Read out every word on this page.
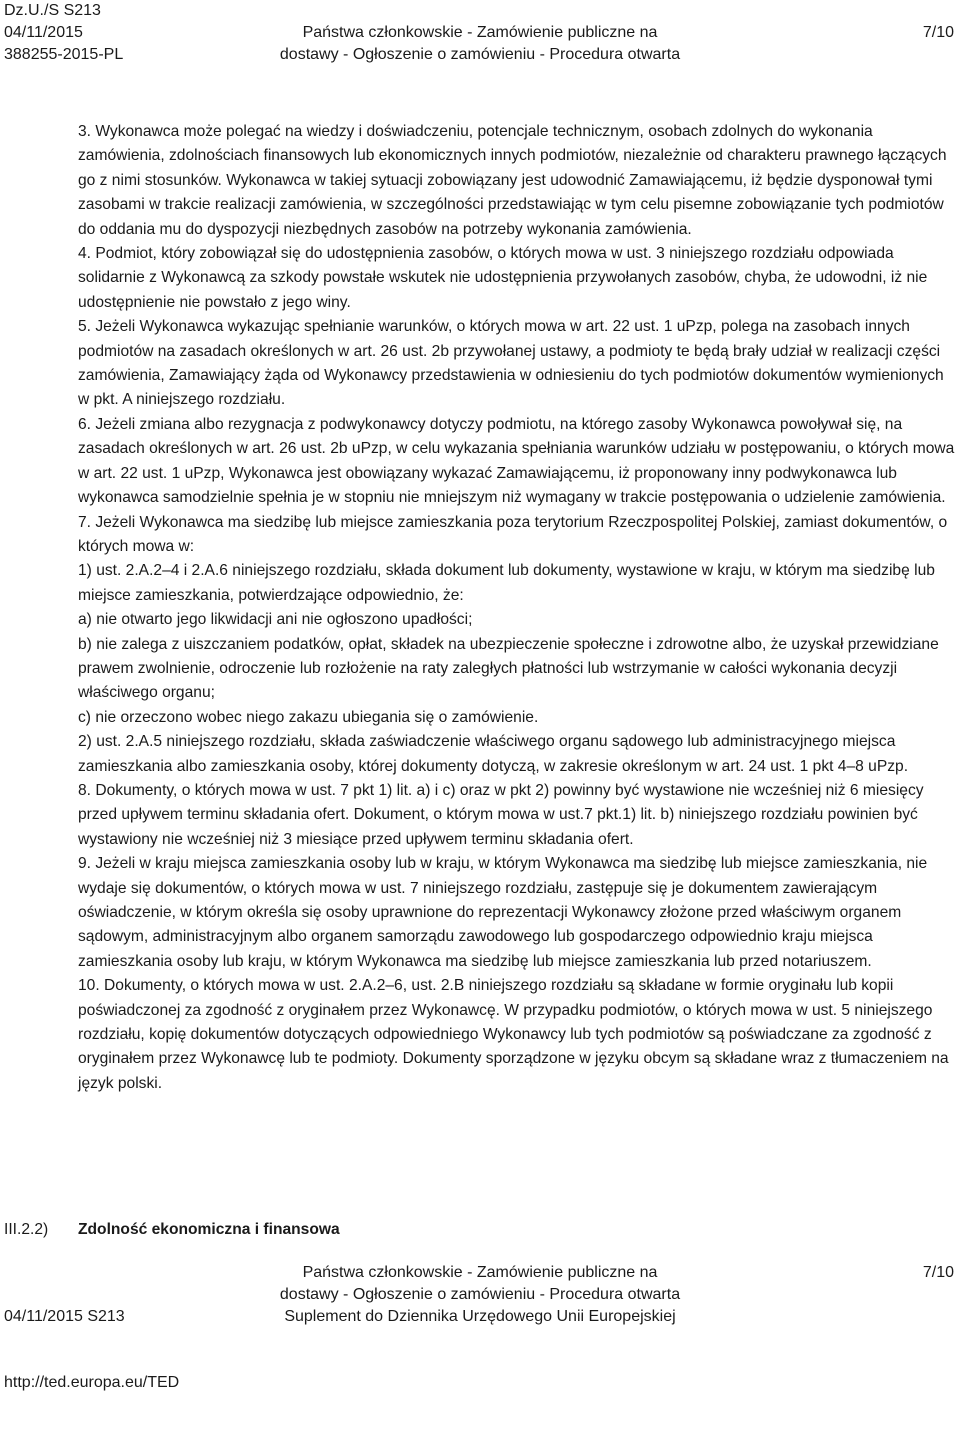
Dz.U./S S213
04/11/2015
388255-2015-PL
Państwa członkowskie - Zamówienie publiczne na
dostawy - Ogłoszenie o zamówieniu - Procedura otwarta
7/10

3. Wykonawca może polegać na wiedzy i doświadczeniu, potencjale technicznym, osobach zdolnych do wykonania zamówienia, zdolnościach finansowych lub ekonomicznych innych podmiotów, niezależnie od charakteru prawnego łączących go z nimi stosunków. Wykonawca w takiej sytuacji zobowiązany jest udowodnić Zamawiającemu, iż będzie dysponował tymi zasobami w trakcie realizacji zamówienia, w szczególności przedstawiając w tym celu pisemne zobowiązanie tych podmiotów do oddania mu do dyspozycji niezbędnych zasobów na potrzeby wykonania zamówienia.

4. Podmiot, który zobowiązał się do udostępnienia zasobów, o których mowa w ust. 3 niniejszego rozdziału odpowiada solidarnie z Wykonawcą za szkody powstałe wskutek nie udostępnienia przywołanych zasobów, chyba, że udowodni, iż nie udostępnienie nie powstało z jego winy.

5. Jeżeli Wykonawca wykazując spełnianie warunków, o których mowa w art. 22 ust. 1 uPzp, polega na zasobach innych podmiotów na zasadach określonych w art. 26 ust. 2b przywołanej ustawy, a podmioty te będą brały udział w realizacji części zamówienia, Zamawiający żąda od Wykonawcy przedstawienia w odniesieniu do tych podmiotów dokumentów wymienionych w pkt. A niniejszego rozdziału.

6. Jeżeli zmiana albo rezygnacja z podwykonawcy dotyczy podmiotu, na którego zasoby Wykonawca powoływał się, na zasadach określonych w art. 26 ust. 2b uPzp, w celu wykazania spełniania warunków udziału w postępowaniu, o których mowa w art. 22 ust. 1 uPzp, Wykonawca jest obowiązany wykazać Zamawiającemu, iż proponowany inny podwykonawca lub wykonawca samodzielnie spełnia je w stopniu nie mniejszym niż wymagany w trakcie postępowania o udzielenie zamówienia.

7. Jeżeli Wykonawca ma siedzibę lub miejsce zamieszkania poza terytorium Rzeczpospolitej Polskiej, zamiast dokumentów, o których mowa w:

1) ust. 2.A.2–4 i 2.A.6 niniejszego rozdziału, składa dokument lub dokumenty, wystawione w kraju, w którym ma siedzibę lub miejsce zamieszkania, potwierdzające odpowiednio, że:

a) nie otwarto jego likwidacji ani nie ogłoszono upadłości;

b) nie zalega z uiszczaniem podatków, opłat, składek na ubezpieczenie społeczne i zdrowotne albo, że uzyskał przewidziane prawem zwolnienie, odroczenie lub rozłożenie na raty zaległych płatności lub wstrzymanie w całości wykonania decyzji właściwego organu;

c) nie orzeczono wobec niego zakazu ubiegania się o zamówienie.

2) ust. 2.A.5 niniejszego rozdziału, składa zaświadczenie właściwego organu sądowego lub administracyjnego miejsca zamieszkania albo zamieszkania osoby, której dokumenty dotyczą, w zakresie określonym w art. 24 ust. 1 pkt 4–8 uPzp.

8. Dokumenty, o których mowa w ust. 7 pkt 1) lit. a) i c) oraz w pkt 2) powinny być wystawione nie wcześniej niż 6 miesięcy przed upływem terminu składania ofert. Dokument, o którym mowa w ust.7 pkt.1) lit. b) niniejszego rozdziału powinien być wystawiony nie wcześniej niż 3 miesiące przed upływem terminu składania ofert.

9. Jeżeli w kraju miejsca zamieszkania osoby lub w kraju, w którym Wykonawca ma siedzibę lub miejsce zamieszkania, nie wydaje się dokumentów, o których mowa w ust. 7 niniejszego rozdziału, zastępuje się je dokumentem zawierającym oświadczenie, w którym określa się osoby uprawnione do reprezentacji Wykonawcy złożone przed właściwym organem sądowym, administracyjnym albo organem samorządu zawodowego lub gospodarczego odpowiednio kraju miejsca zamieszkania osoby lub kraju, w którym Wykonawca ma siedzibę lub miejsce zamieszkania lub przed notariuszem.

10. Dokumenty, o których mowa w ust. 2.A.2–6, ust. 2.B niniejszego rozdziału są składane w formie oryginału lub kopii poświadczonej za zgodność z oryginałem przez Wykonawcę. W przypadku podmiotów, o których mowa w ust. 5 niniejszego rozdziału, kopię dokumentów dotyczących odpowiedniego Wykonawcy lub tych podmiotów są poświadczane za zgodność z oryginałem przez Wykonawcę lub te podmioty. Dokumenty sporządzone w języku obcym są składane wraz z tłumaczeniem na język polski.

III.2.2) Zdolność ekonomiczna i finansowa

04/11/2015 S213

http://ted.europa.eu/TED

Państwa członkowskie - Zamówienie publiczne na
dostawy - Ogłoszenie o zamówieniu - Procedura otwarta
Suplement do Dziennika Urzędowego Unii Europejskiej
7/10
